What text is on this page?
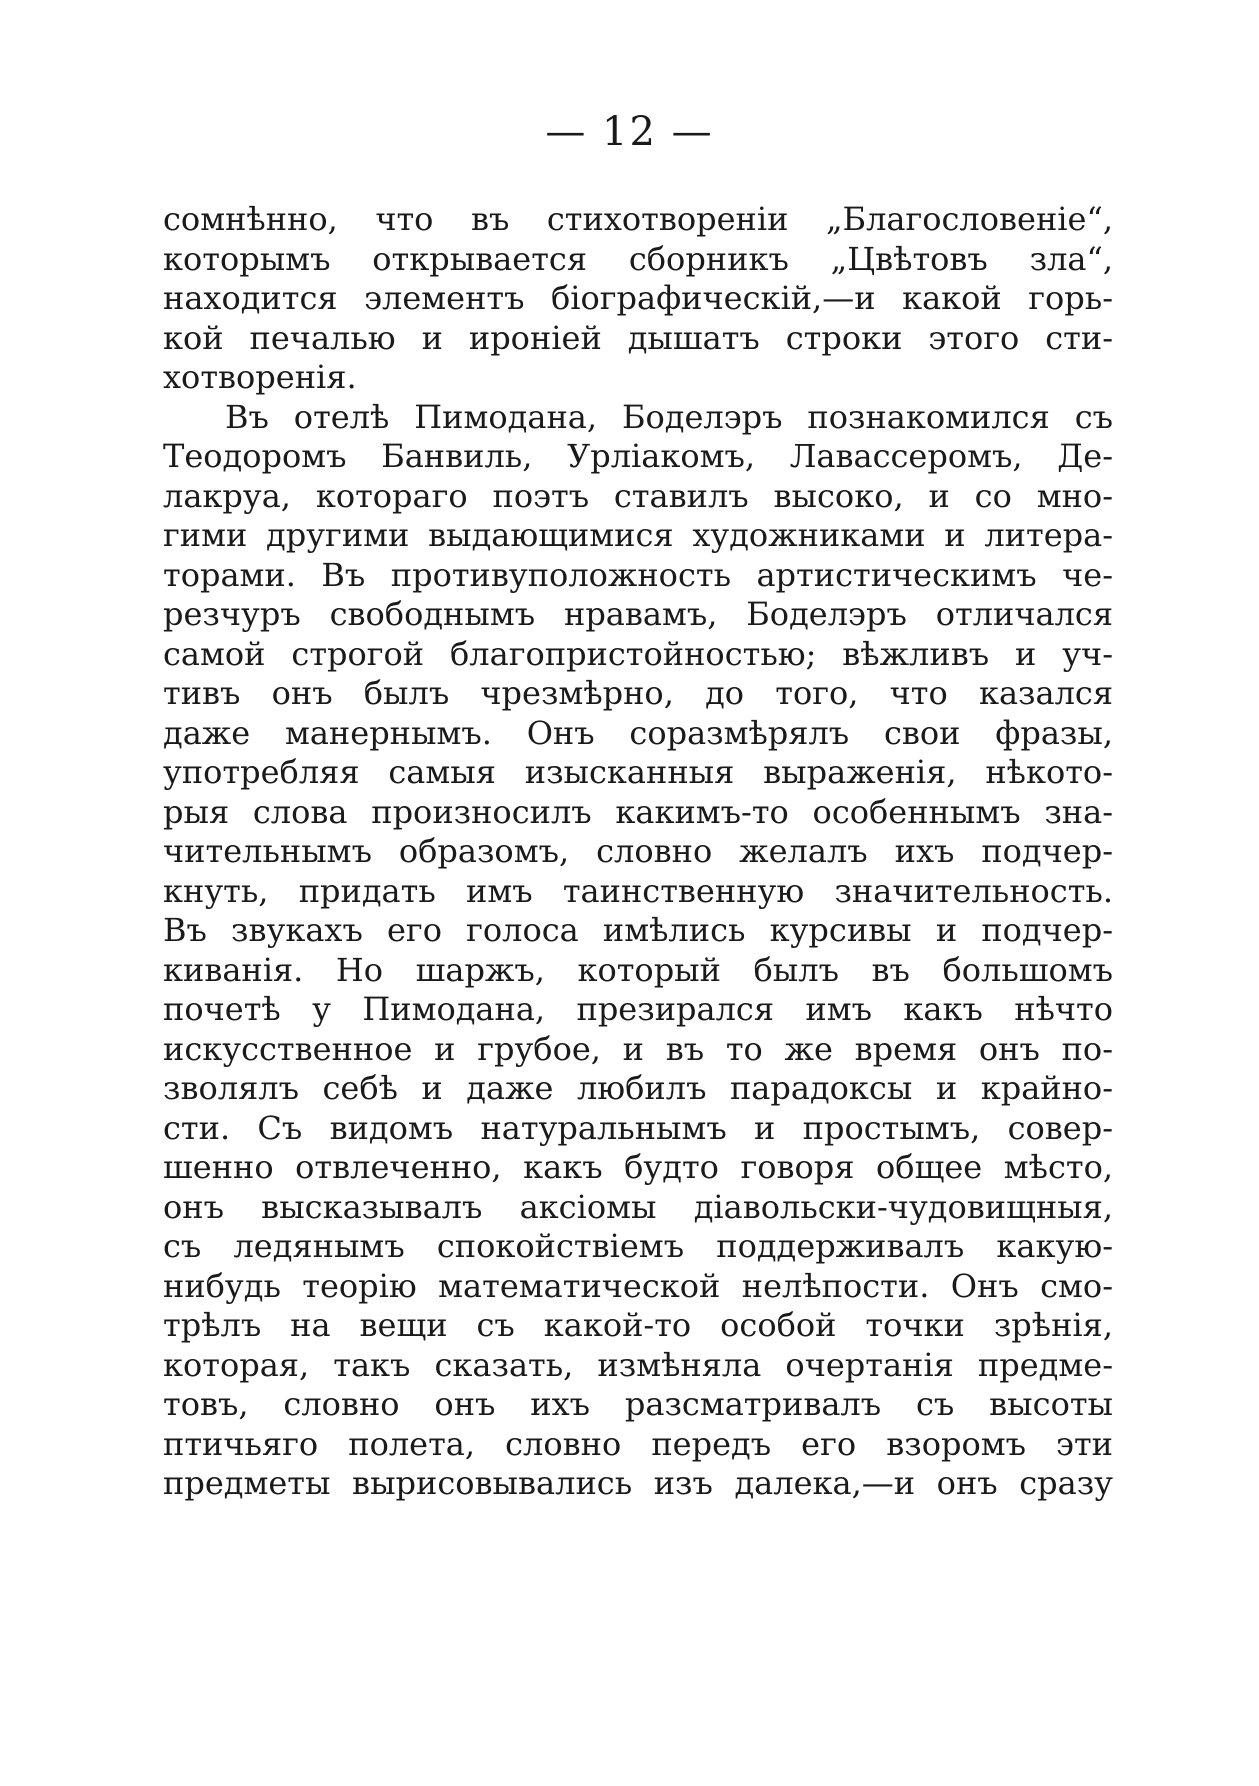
— 12 —
сомнѣнно, что въ стихотвореніи „Благословеніе“,
которымъ открывается сборникъ „Цвѣтовъ зла“,
находится элементъ біографическій,—и какой горь-
кой печалью и ироніей дышатъ строки этого сти-
хотворенія.
Въ отелѣ Пимодана, Боделэръ познакомился съ
Теодоромъ Банвиль, Урліакомъ, Лавассеромъ, Де-
лакруа, котораго поэтъ ставилъ высоко, и со мно-
гими другими выдающимися художниками и литера-
торами. Въ противуположность артистическимъ че-
резчуръ свободнымъ нравамъ, Боделэръ отличался
самой строгой благопристойностью; вѣжливъ и уч-
тивъ онъ былъ чрезмѣрно, до того, что казался
даже манернымъ. Онъ соразмѣрялъ свои фразы,
употребляя самыя изысканныя выраженія, нѣкото-
рыя слова произносилъ какимъ-то особеннымъ зна-
чительнымъ образомъ, словно желалъ ихъ подчер-
кнуть, придать имъ таинственную значительность.
Въ звукахъ его голоса имѣлись курсивы и подчер-
киванія. Но шаржъ, который былъ въ большомъ
почетѣ у Пимодана, презирался имъ какъ нѣчто
искусственное и грубое, и въ то же время онъ по-
зволялъ себѣ и даже любилъ парадоксы и крайно-
сти. Съ видомъ натуральнымъ и простымъ, совер-
шенно отвлеченно, какъ будто говоря общее мѣсто,
онъ высказывалъ аксіомы діавольски-чудовищныя,
съ ледянымъ спокойствіемъ поддерживалъ какую-
нибудь теорію математической нелѣпости. Онъ смо-
трѣлъ на вещи съ какой-то особой точки зрѣнія,
которая, такъ сказать, измѣняла очертанія предме-
товъ, словно онъ ихъ разсматривалъ съ высоты
птичьяго полета, словно передъ его взоромъ эти
предметы вырисовывались изъ далека,—и онъ сразу
